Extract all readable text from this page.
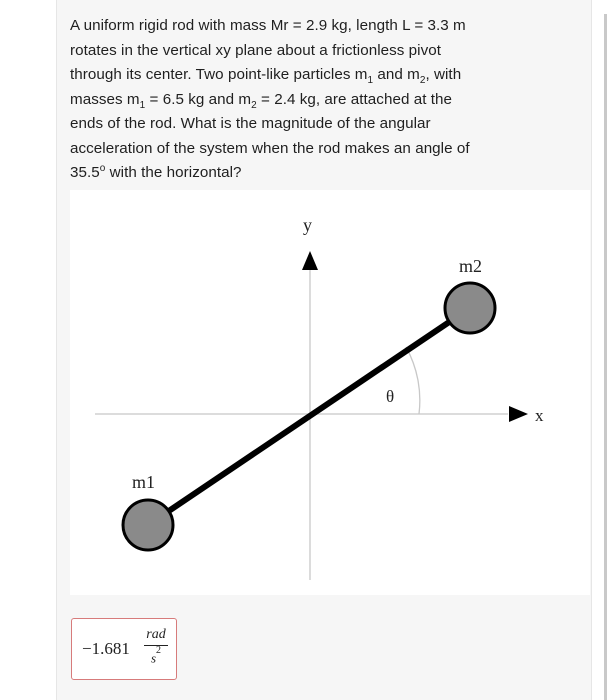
A uniform rigid rod with mass Mr = 2.9 kg, length L = 3.3 m
rotates in the vertical xy plane about a frictionless pivot
through its center. Two point-like particles $m_1$ and $m_2$, with
masses $m_1 = 6.5$ kg and $m_2 = 2.4$ kg, are attached at the
ends of the rod. What is the magnitude of the angular
acceleration of the system when the rod makes an angle of
35.5$^o$ with the horizontal?
y
x
m2
m1
θ
−1.681
rad
$s^2$
